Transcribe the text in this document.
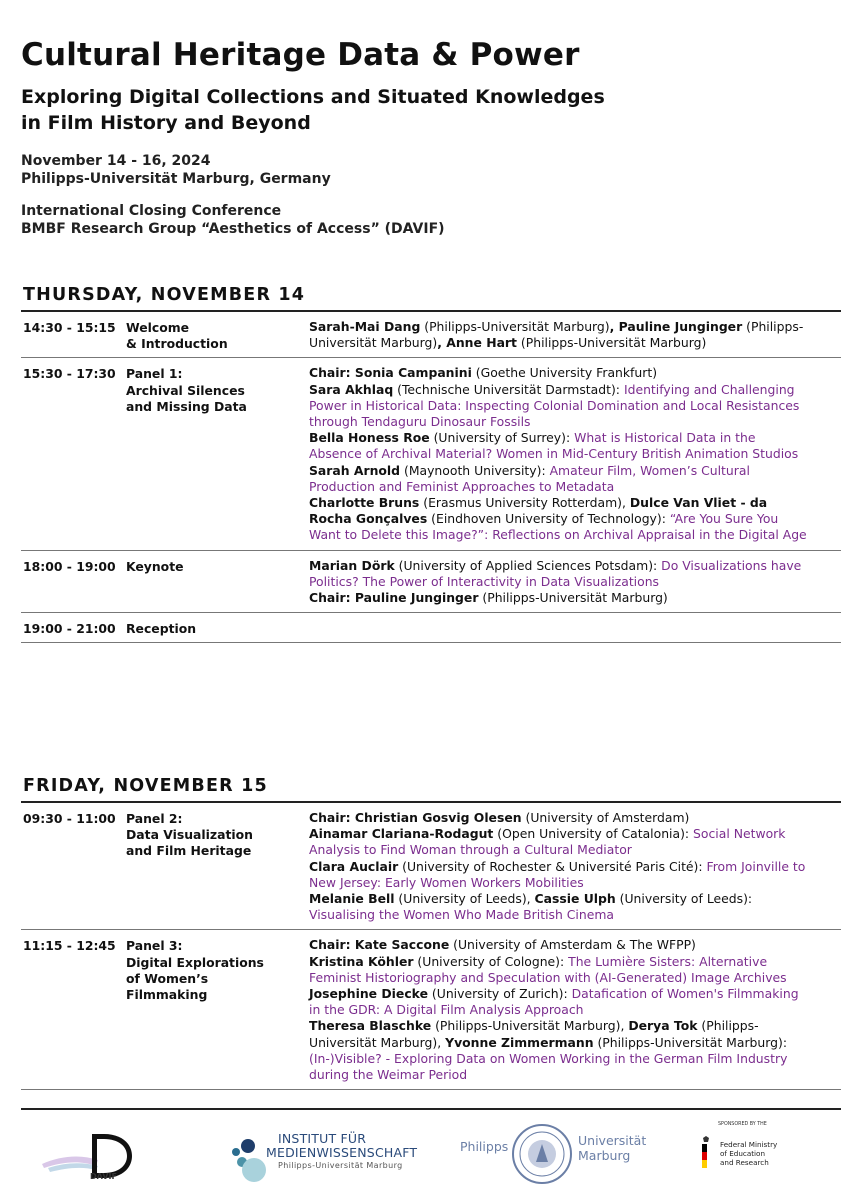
Cultural Heritage Data & Power
Exploring Digital Collections and Situated Knowledges
in Film History and Beyond
November 14 - 16, 2024
Philipps-Universität Marburg, Germany
International Closing Conference
BMBF Research Group “Aesthetics of Access” (DAVIF)
THURSDAY, NOVEMBER 14
14:30 - 15:15 Welcome
& Introduction
Sarah-Mai Dang (Philipps-Universität Marburg), Pauline Junginger (Philipps-Universität Marburg), Anne Hart (Philipps-Universität Marburg)
15:30 - 17:30 Panel 1:
Archival Silences
and Missing Data
Chair: Sonia Campanini (Goethe University Frankfurt)
Sara Akhlaq (Technische Universität Darmstadt): Identifying and Challenging Power in Historical Data: Inspecting Colonial Domination and Local Resistances through Tendaguru Dinosaur Fossils
Bella Honess Roe (University of Surrey): What is Historical Data in the Absence of Archival Material? Women in Mid-Century British Animation Studios
Sarah Arnold (Maynooth University): Amateur Film, Women’s Cultural Production and Feminist Approaches to Metadata
Charlotte Bruns (Erasmus University Rotterdam), Dulce Van Vliet - da Rocha Gonçalves (Eindhoven University of Technology): “Are You Sure You Want to Delete this Image?”: Reflections on Archival Appraisal in the Digital Age
18:00 - 19:00 Keynote	Marian Dörk (University of Applied Sciences Potsdam): Do Visualizations have Politics? The Power of Interactivity in Data Visualizations
Chair: Pauline Junginger (Philipps-Universität Marburg)
19:00 - 21:00 Reception
FRIDAY, NOVEMBER 15
09:30 - 11:00 Panel 2:
Data Visualization
and Film Heritage
Chair: Christian Gosvig Olesen (University of Amsterdam)
Ainamar Clariana-Rodagut (Open University of Catalonia): Social Network Analysis to Find Woman through a Cultural Mediator
Clara Auclair (University of Rochester & Université Paris Cité): From Joinville to New Jersey: Early Women Workers Mobilities
Melanie Bell (University of Leeds), Cassie Ulph (University of Leeds): Visualising the Women Who Made British Cinema
11:15 - 12:45 Panel 3:
Digital Explorations
of Women’s
Filmmaking
Chair: Kate Saccone (University of Amsterdam & The WFPP)
Kristina Köhler (University of Cologne): The Lumière Sisters: Alternative Feminist Historiography and Speculation with (AI-Generated) Image Archives
Josephine Diecke (University of Zurich): Datafication of Women's Filmmaking in the GDR: A Digital Film Analysis Approach
Theresa Blaschke (Philipps-Universität Marburg), Derya Tok (Philipps-Universität Marburg), Yvonne Zimmermann (Philipps-Universität Marburg): (In-)Visible? - Exploring Data on Women Working in the German Film Industry during the Weimar Period
DAVIF
INSTITUT FÜR
MEDIENWISSENSCHAFT
Philipps-Universität Marburg
Philipps	Universität
Marburg
SPONSORED BY THE
Federal Ministry
of Education
and Research
